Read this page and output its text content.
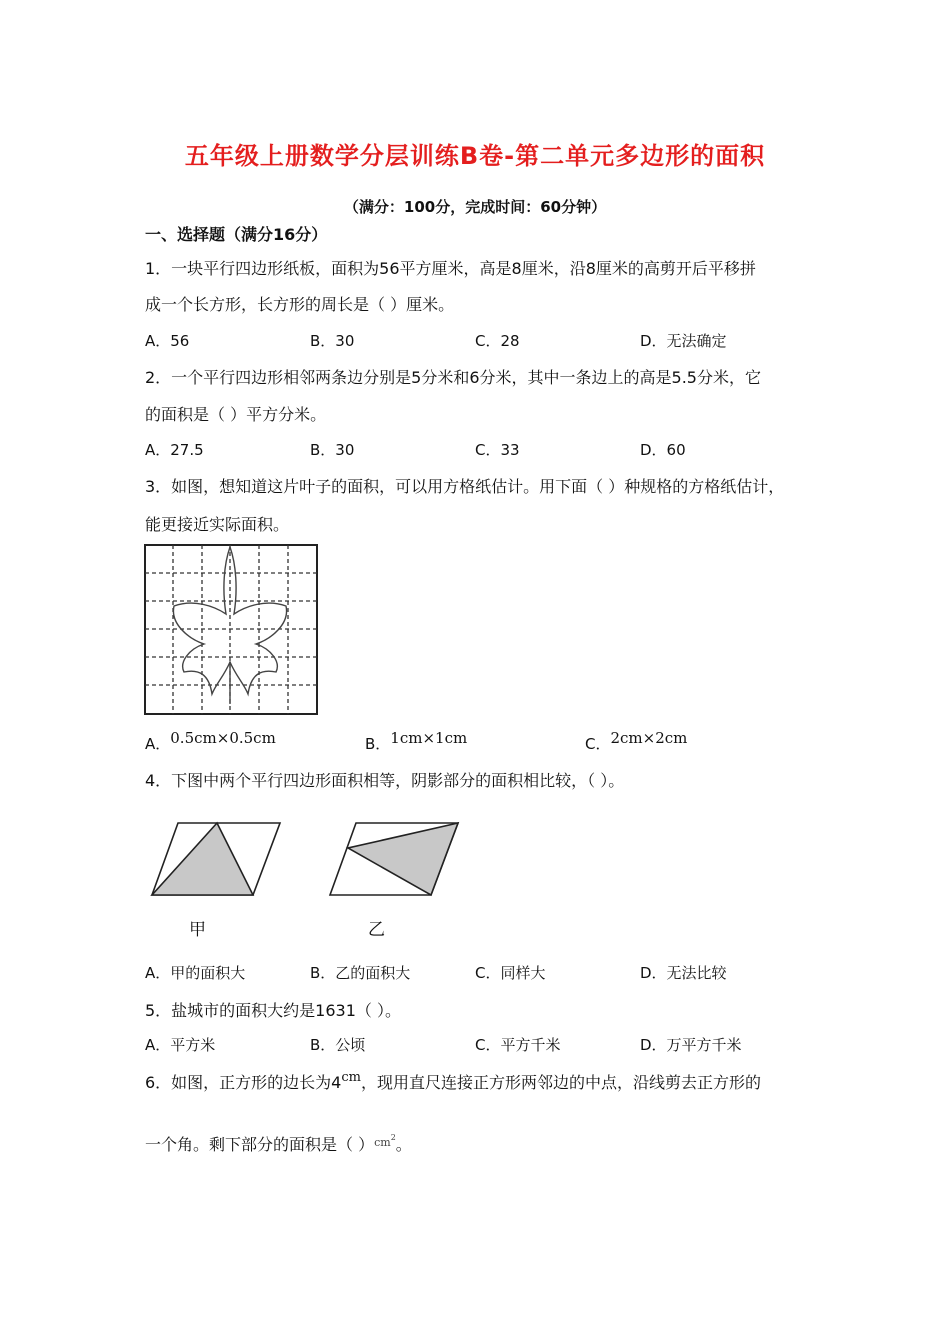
五年级上册数学分层训练B卷-第二单元多边形的面积
（满分：100分，完成时间：60分钟）
一、选择题（满分16分）
1．一块平行四边形纸板，面积为56平方厘米，高是8厘米，沿8厘米的高剪开后平移拼
成一个长方形，长方形的周长是（ ）厘米。
A．56	B．30	C．28	D．无法确定
2．一个平行四边形相邻两条边分别是5分米和6分米，其中一条边上的高是5.5分米，它
的面积是（ ）平方分米。
A．27.5	B．30	C．33	D．60
3．如图，想知道这片叶子的面积，可以用方格纸估计。用下面（ ）种规格的方格纸估计，
能更接近实际面积。
A．0.5cm×0.5cm	B．1cm×1cm	C．2cm×2cm
4．下图中两个平行四边形面积相等，阴影部分的面积相比较，（ ）。
甲	乙
A．甲的面积大	B．乙的面积大	C．同样大	D．无法比较
5．盐城市的面积大约是1631（ ）。
A．平方米	B．公顷	C．平方千米	D．万平方千米
6．如图，正方形的边长为$4^{cm}$，现用直尺连接正方形两邻边的中点，沿线剪去正方形的
一个角。剩下部分的面积是（ ）$^{cm2}$。
